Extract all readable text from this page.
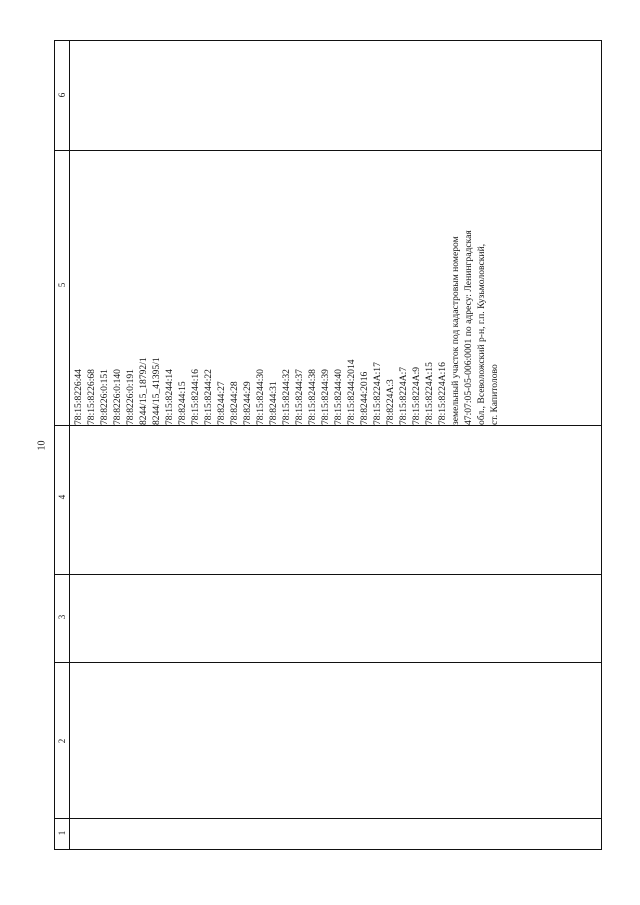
10
6
5
4
3
2
1
78:15:8226:44 78:15:8226:68 78:8226:0:151 78:8226:0:140 78:8226:0:191 8244/15_18792/1 8244/15_41395/1 78:15:8244:14 78:8244:15 78:15:8244:16 78:15:8244:22 78:8244:27 78:8244:28 78:8244:29 78:15:8244:30 78:8244:31 78:15:8244:32 78:15:8244:37 78:15:8244:38 78:15:8244:39 78:15:8244:40 78:15:8244:2014 78:8244:2016 78:15:8224A:17 78:8224A:3 78:15:8224A:7 78:15:8224A:9 78:15:8224A:15 78:15:8224A:16 земельный участок под кадастровым номером 47:07:05-05-006:0001 по адресу: Ленинградская обл., Всеволожский р-н, г.п. Кузьмоловский, ст. Капитолово
